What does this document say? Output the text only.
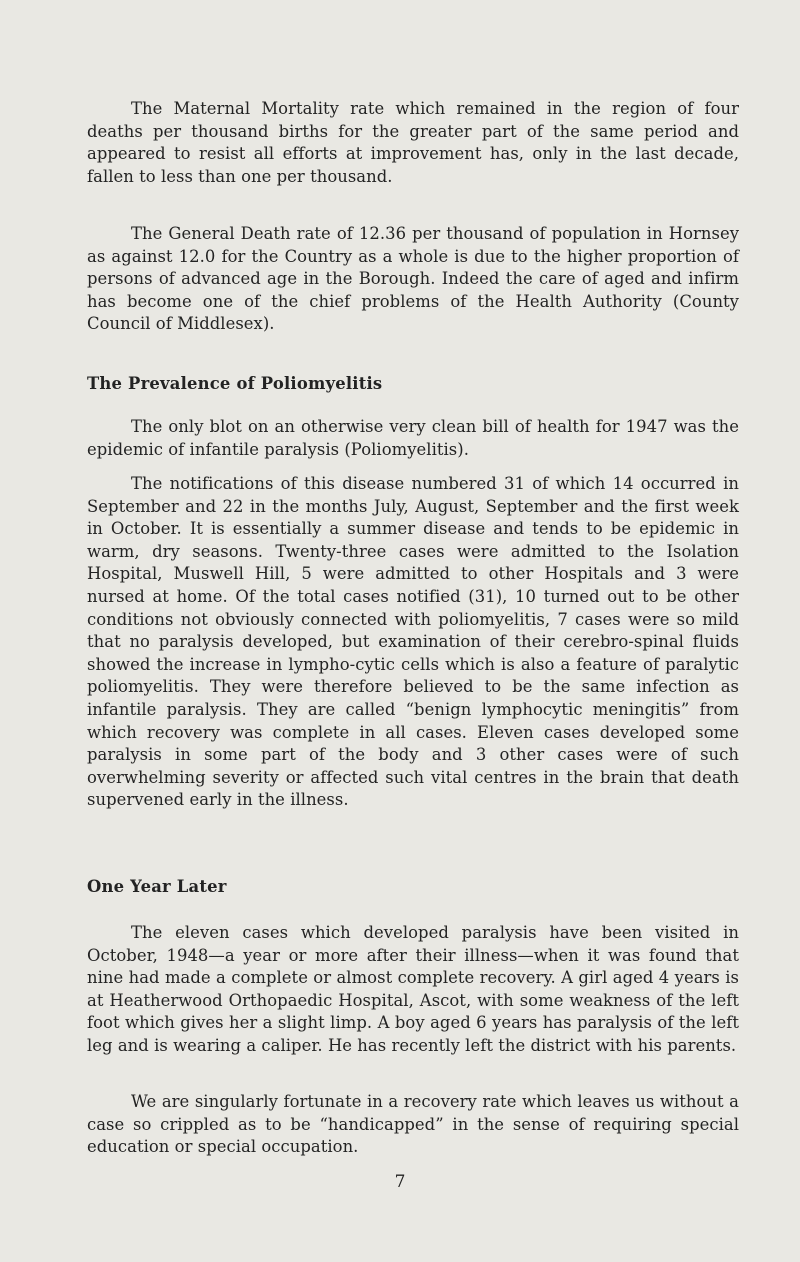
The Maternal Mortality rate which remained in the region of four deaths per thousand births for the greater part of the same period and appeared to resist all efforts at improvement has, only in the last decade, fallen to less than one per thousand.

The General Death rate of 12.36 per thousand of population in Hornsey as against 12.0 for the Country as a whole is due to the higher proportion of persons of advanced age in the Borough. Indeed the care of aged and infirm has become one of the chief problems of the Health Authority (County Council of Middlesex).

The Prevalence of Poliomyelitis

The only blot on an otherwise very clean bill of health for 1947 was the epidemic of infantile paralysis (Poliomyelitis).

The notifications of this disease numbered 31 of which 14 occurred in September and 22 in the months July, August, September and the first week in October. It is essentially a summer disease and tends to be epidemic in warm, dry seasons. Twenty-three cases were admitted to the Isolation Hospital, Muswell Hill, 5 were admitted to other Hospitals and 3 were nursed at home. Of the total cases notified (31), 10 turned out to be other conditions not obviously connected with poliomyelitis, 7 cases were so mild that no paralysis developed, but examination of their cerebro-spinal fluids showed the increase in lympho-cytic cells which is also a feature of paralytic poliomyelitis. They were therefore believed to be the same infection as infantile paralysis. They are called “benign lymphocytic meningitis” from which recovery was complete in all cases. Eleven cases developed some paralysis in some part of the body and 3 other cases were of such overwhelming severity or affected such vital centres in the brain that death supervened early in the illness.

One Year Later

The eleven cases which developed paralysis have been visited in October, 1948—a year or more after their illness—when it was found that nine had made a complete or almost complete recovery. A girl aged 4 years is at Heatherwood Orthopaedic Hospital, Ascot, with some weakness of the left foot which gives her a slight limp. A boy aged 6 years has paralysis of the left leg and is wearing a caliper. He has recently left the district with his parents.

We are singularly fortunate in a recovery rate which leaves us without a case so crippled as to be “handicapped” in the sense of requiring special education or special occupation.

7
